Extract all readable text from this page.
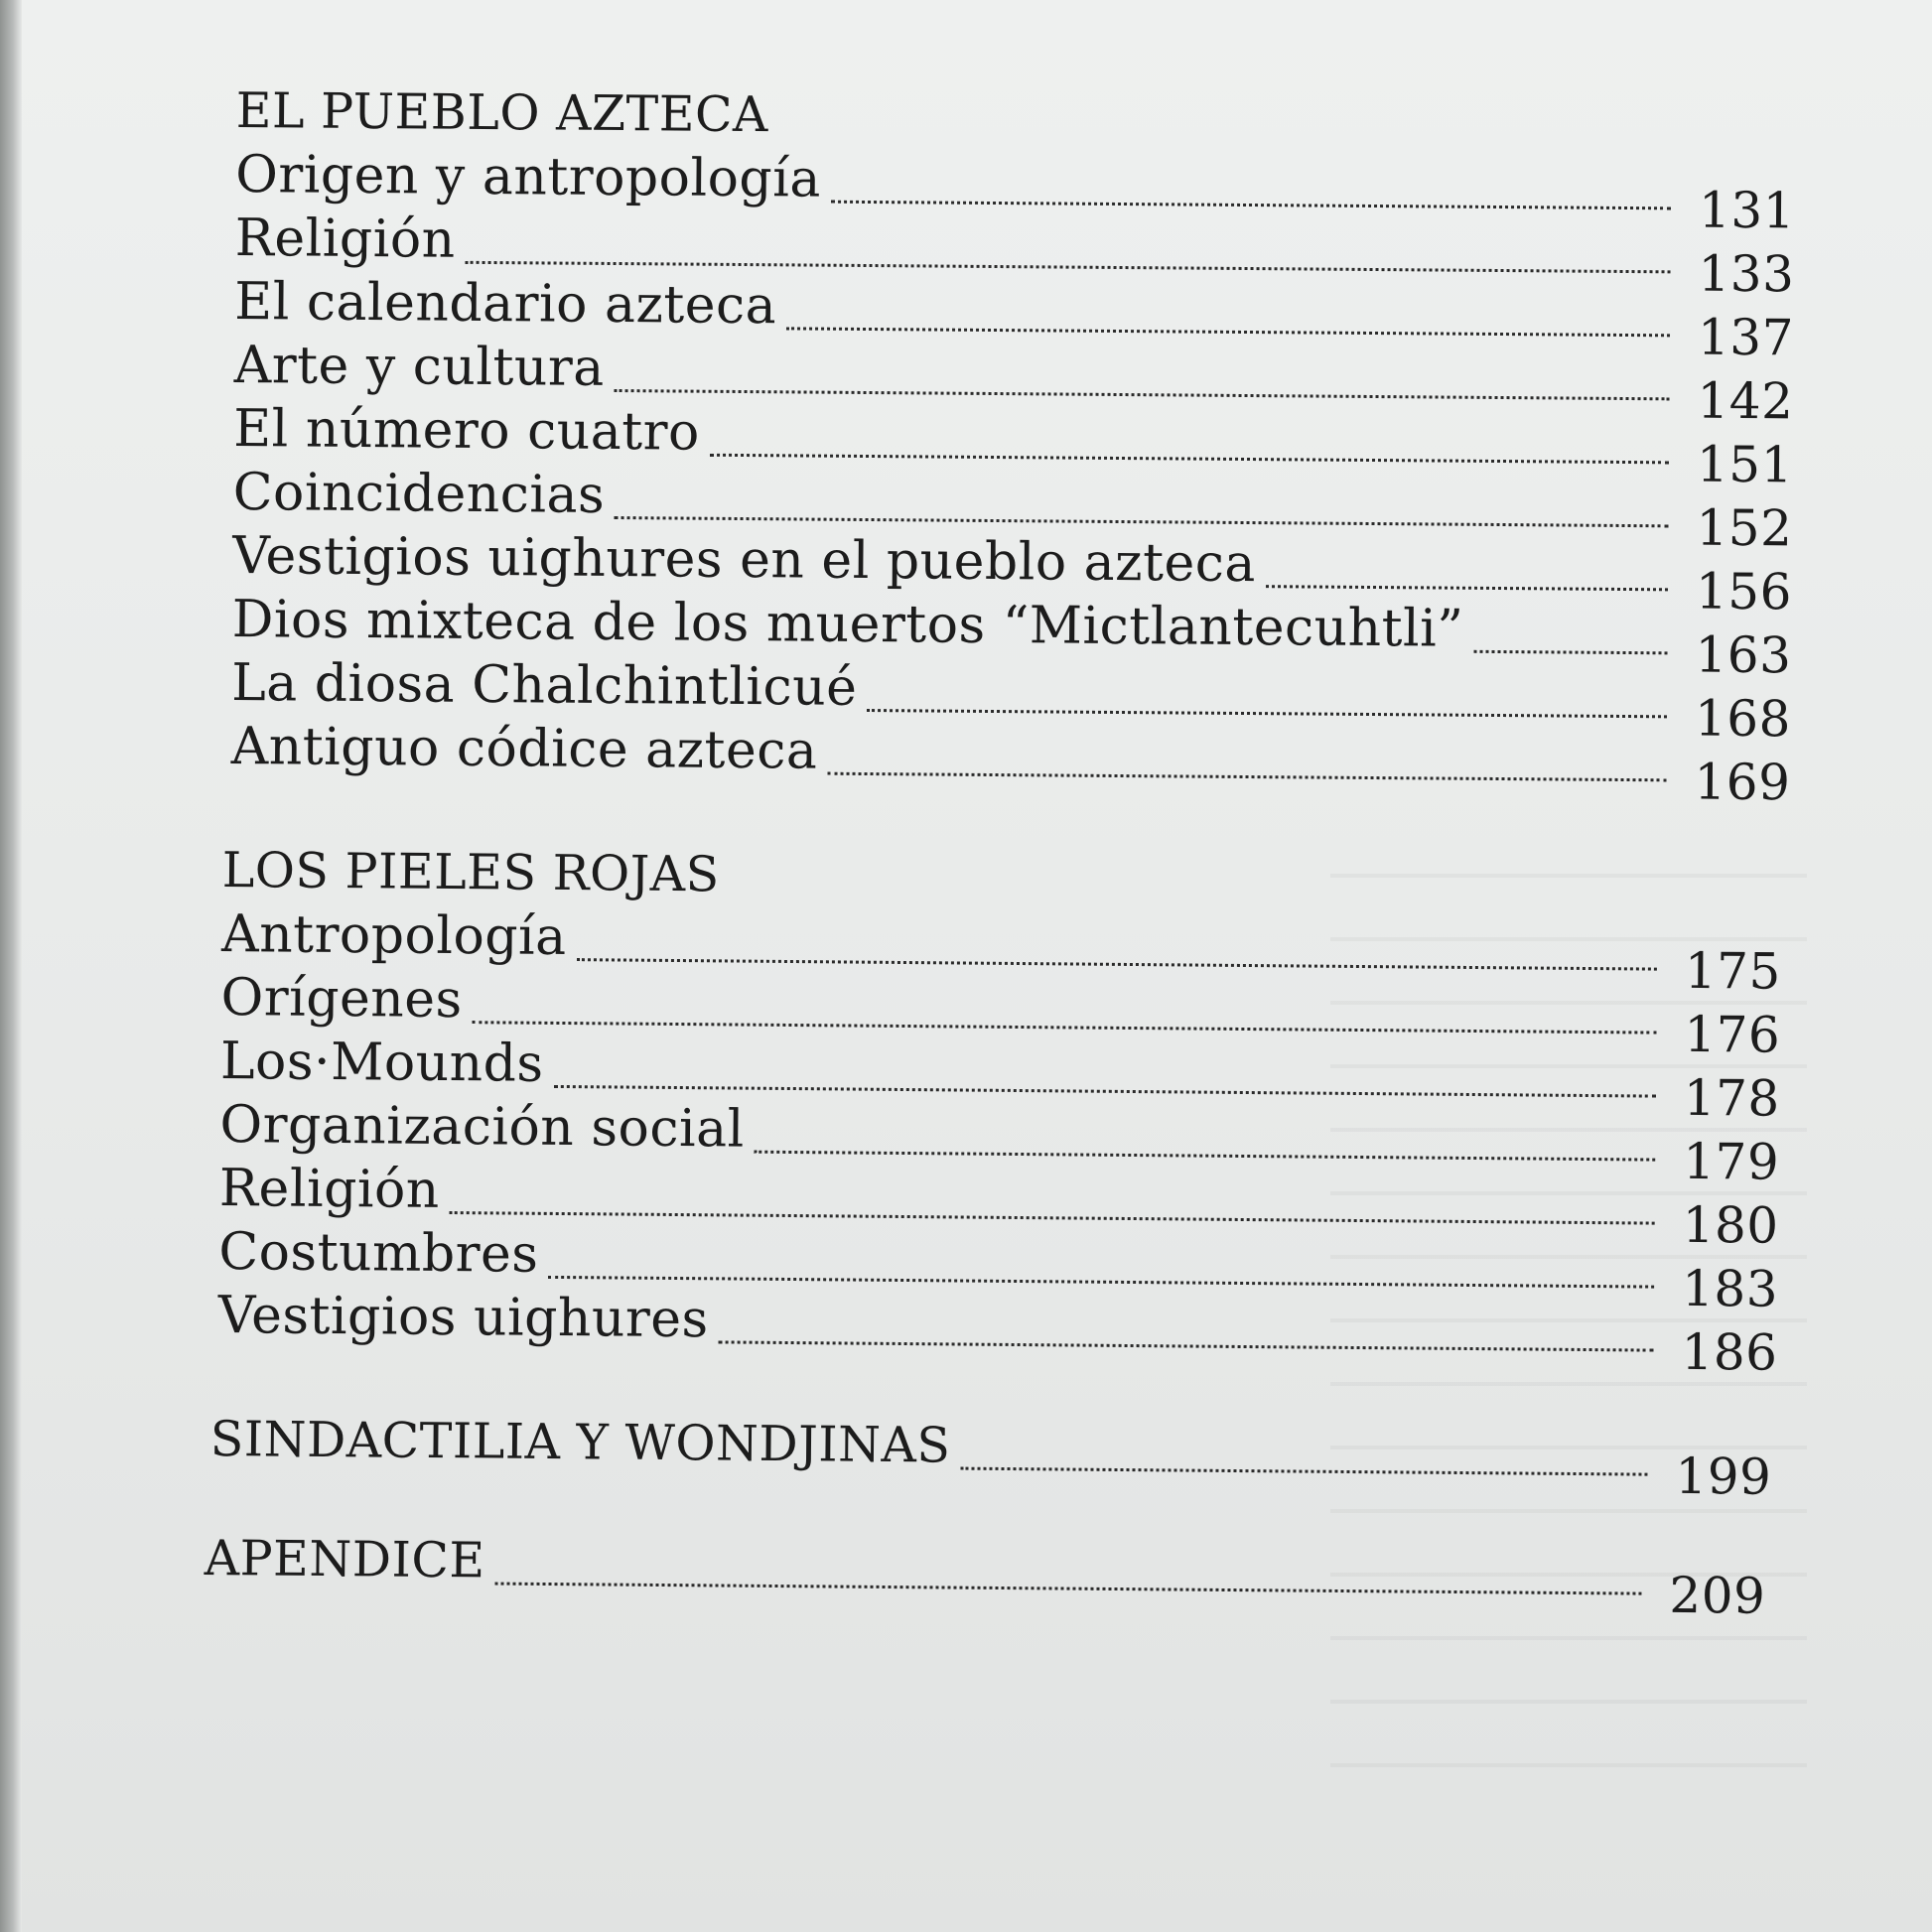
EL PUEBLO AZTECA
Origen y antropología
131
Religión
133
El calendario azteca
137
Arte y cultura
142
El número cuatro
151
Coincidencias
152
Vestigios uighures en el pueblo azteca	156
Dios mixteca de los muertos “Mictlantecuhtli”	163
La diosa Chalchintlicué
168
Antiguo códice azteca
169
LOS PIELES ROJAS
Antropología
175
Orígenes
176
Los·Mounds
178
Organización social
179
Religión
180
Costumbres
183
Vestigios uighures
186
SINDACTILIA Y WONDJINAS
199
APENDICE
209
